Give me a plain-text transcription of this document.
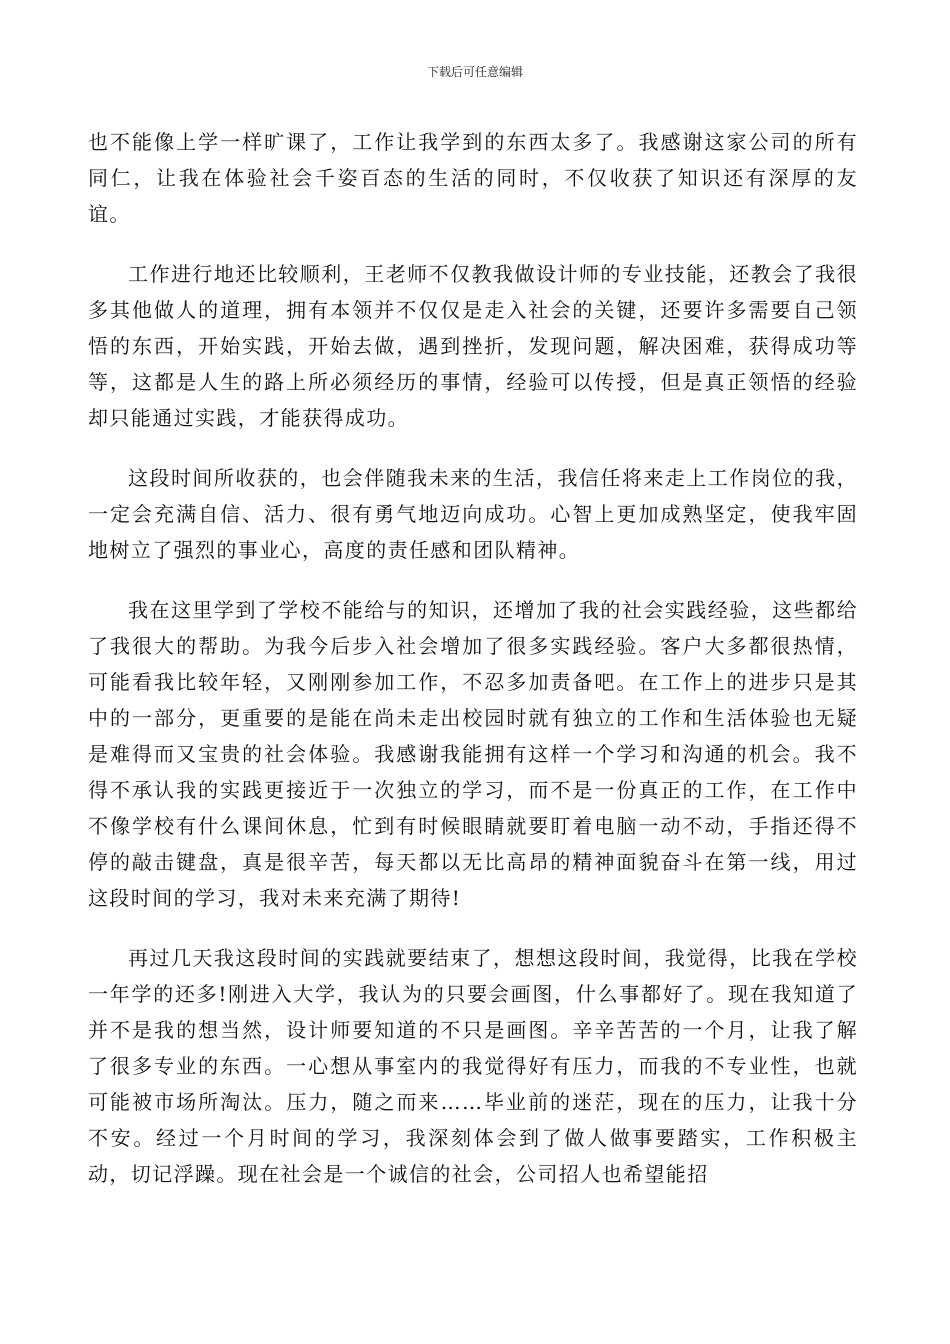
下载后可任意编辑

也不能像上学一样旷课了，工作让我学到的东西太多了。我感谢这家公司的所有同仁，让我在体验社会千姿百态的生活的同时，不仅收获了知识还有深厚的友谊。

工作进行地还比较顺利，王老师不仅教我做设计师的专业技能，还教会了我很多其他做人的道理，拥有本领并不仅仅是走入社会的关键，还要许多需要自己领悟的东西，开始实践，开始去做，遇到挫折，发现问题，解决困难，获得成功等等，这都是人生的路上所必须经历的事情，经验可以传授，但是真正领悟的经验却只能通过实践，才能获得成功。

这段时间所收获的，也会伴随我未来的生活，我信任将来走上工作岗位的我，一定会充满自信、活力、很有勇气地迈向成功。心智上更加成熟坚定，使我牢固地树立了强烈的事业心，高度的责任感和团队精神。

我在这里学到了学校不能给与的知识，还增加了我的社会实践经验，这些都给了我很大的帮助。为我今后步入社会增加了很多实践经验。客户大多都很热情，可能看我比较年轻，又刚刚参加工作，不忍多加责备吧。在工作上的进步只是其中的一部分，更重要的是能在尚未走出校园时就有独立的工作和生活体验也无疑是难得而又宝贵的社会体验。我感谢我能拥有这样一个学习和沟通的机会。我不得不承认我的实践更接近于一次独立的学习，而不是一份真正的工作，在工作中不像学校有什么课间休息，忙到有时候眼睛就要盯着电脑一动不动，手指还得不停的敲击键盘，真是很辛苦，每天都以无比高昂的精神面貌奋斗在第一线，用过这段时间的学习，我对未来充满了期待!

再过几天我这段时间的实践就要结束了，想想这段时间，我觉得，比我在学校一年学的还多!刚进入大学，我认为的只要会画图，什么事都好了。现在我知道了并不是我的想当然，设计师要知道的不只是画图。辛辛苦苦的一个月，让我了解了很多专业的东西。一心想从事室内的我觉得好有压力，而我的不专业性，也就可能被市场所淘汰。压力，随之而来……毕业前的迷茫，现在的压力，让我十分不安。经过一个月时间的学习，我深刻体会到了做人做事要踏实，工作积极主动，切记浮躁。现在社会是一个诚信的社会，公司招人也希望能招
